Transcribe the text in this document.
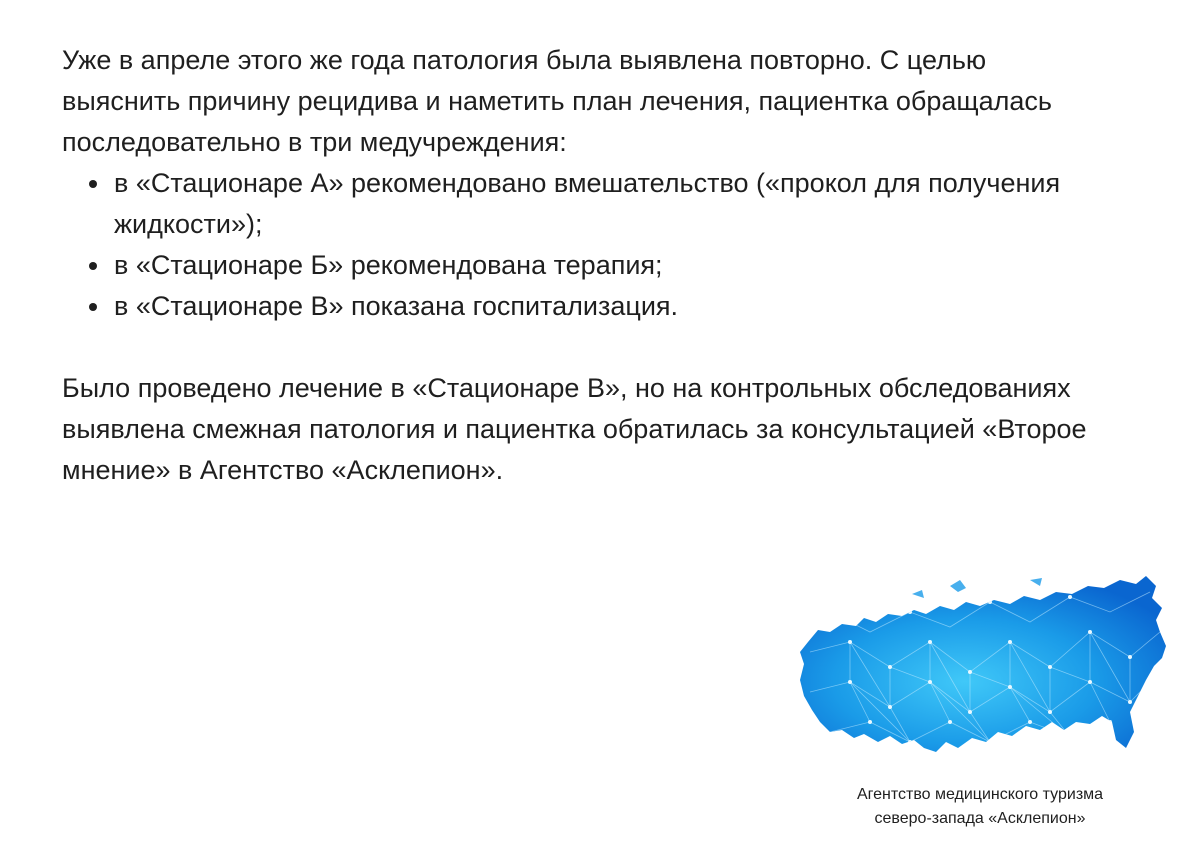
Уже в апреле этого же года патология была выявлена повторно. С целью выяснить причину рецидива и наметить план лечения, пациентка обращалась последовательно в три медучреждения:

в «Стационаре А» рекомендовано вмешательство («прокол для получения жидкости»);
в «Стационаре Б» рекомендована терапия;
в «Стационаре В» показана госпитализация.

Было проведено лечение в «Стационаре В», но на контрольных обследованиях выявлена смежная патология и пациентка обратилась за консультацией «Второе мнение» в Агентство «Асклепион».

Агентство медицинского туризма
северо-запада «Асклепион»
